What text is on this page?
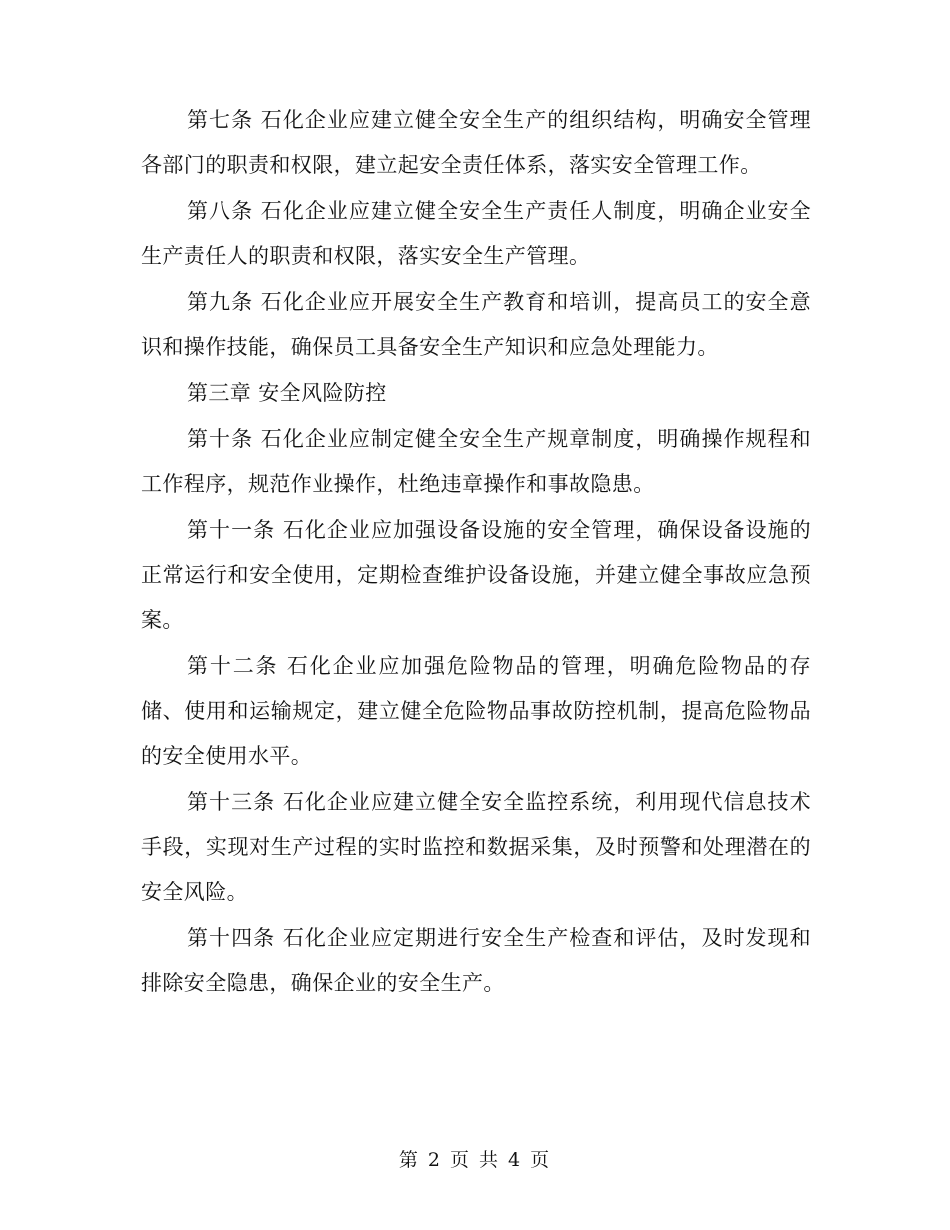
第七条 石化企业应建立健全安全生产的组织结构，明确安全管理各部门的职责和权限，建立起安全责任体系，落实安全管理工作。

第八条 石化企业应建立健全安全生产责任人制度，明确企业安全生产责任人的职责和权限，落实安全生产管理。

第九条 石化企业应开展安全生产教育和培训，提高员工的安全意识和操作技能，确保员工具备安全生产知识和应急处理能力。

第三章 安全风险防控

第十条 石化企业应制定健全安全生产规章制度，明确操作规程和工作程序，规范作业操作，杜绝违章操作和事故隐患。

第十一条 石化企业应加强设备设施的安全管理，确保设备设施的正常运行和安全使用，定期检查维护设备设施，并建立健全事故应急预案。

第十二条 石化企业应加强危险物品的管理，明确危险物品的存储、使用和运输规定，建立健全危险物品事故防控机制，提高危险物品的安全使用水平。

第十三条 石化企业应建立健全安全监控系统，利用现代信息技术手段，实现对生产过程的实时监控和数据采集，及时预警和处理潜在的安全风险。

第十四条 石化企业应定期进行安全生产检查和评估，及时发现和排除安全隐患，确保企业的安全生产。

第 2 页 共 4 页
